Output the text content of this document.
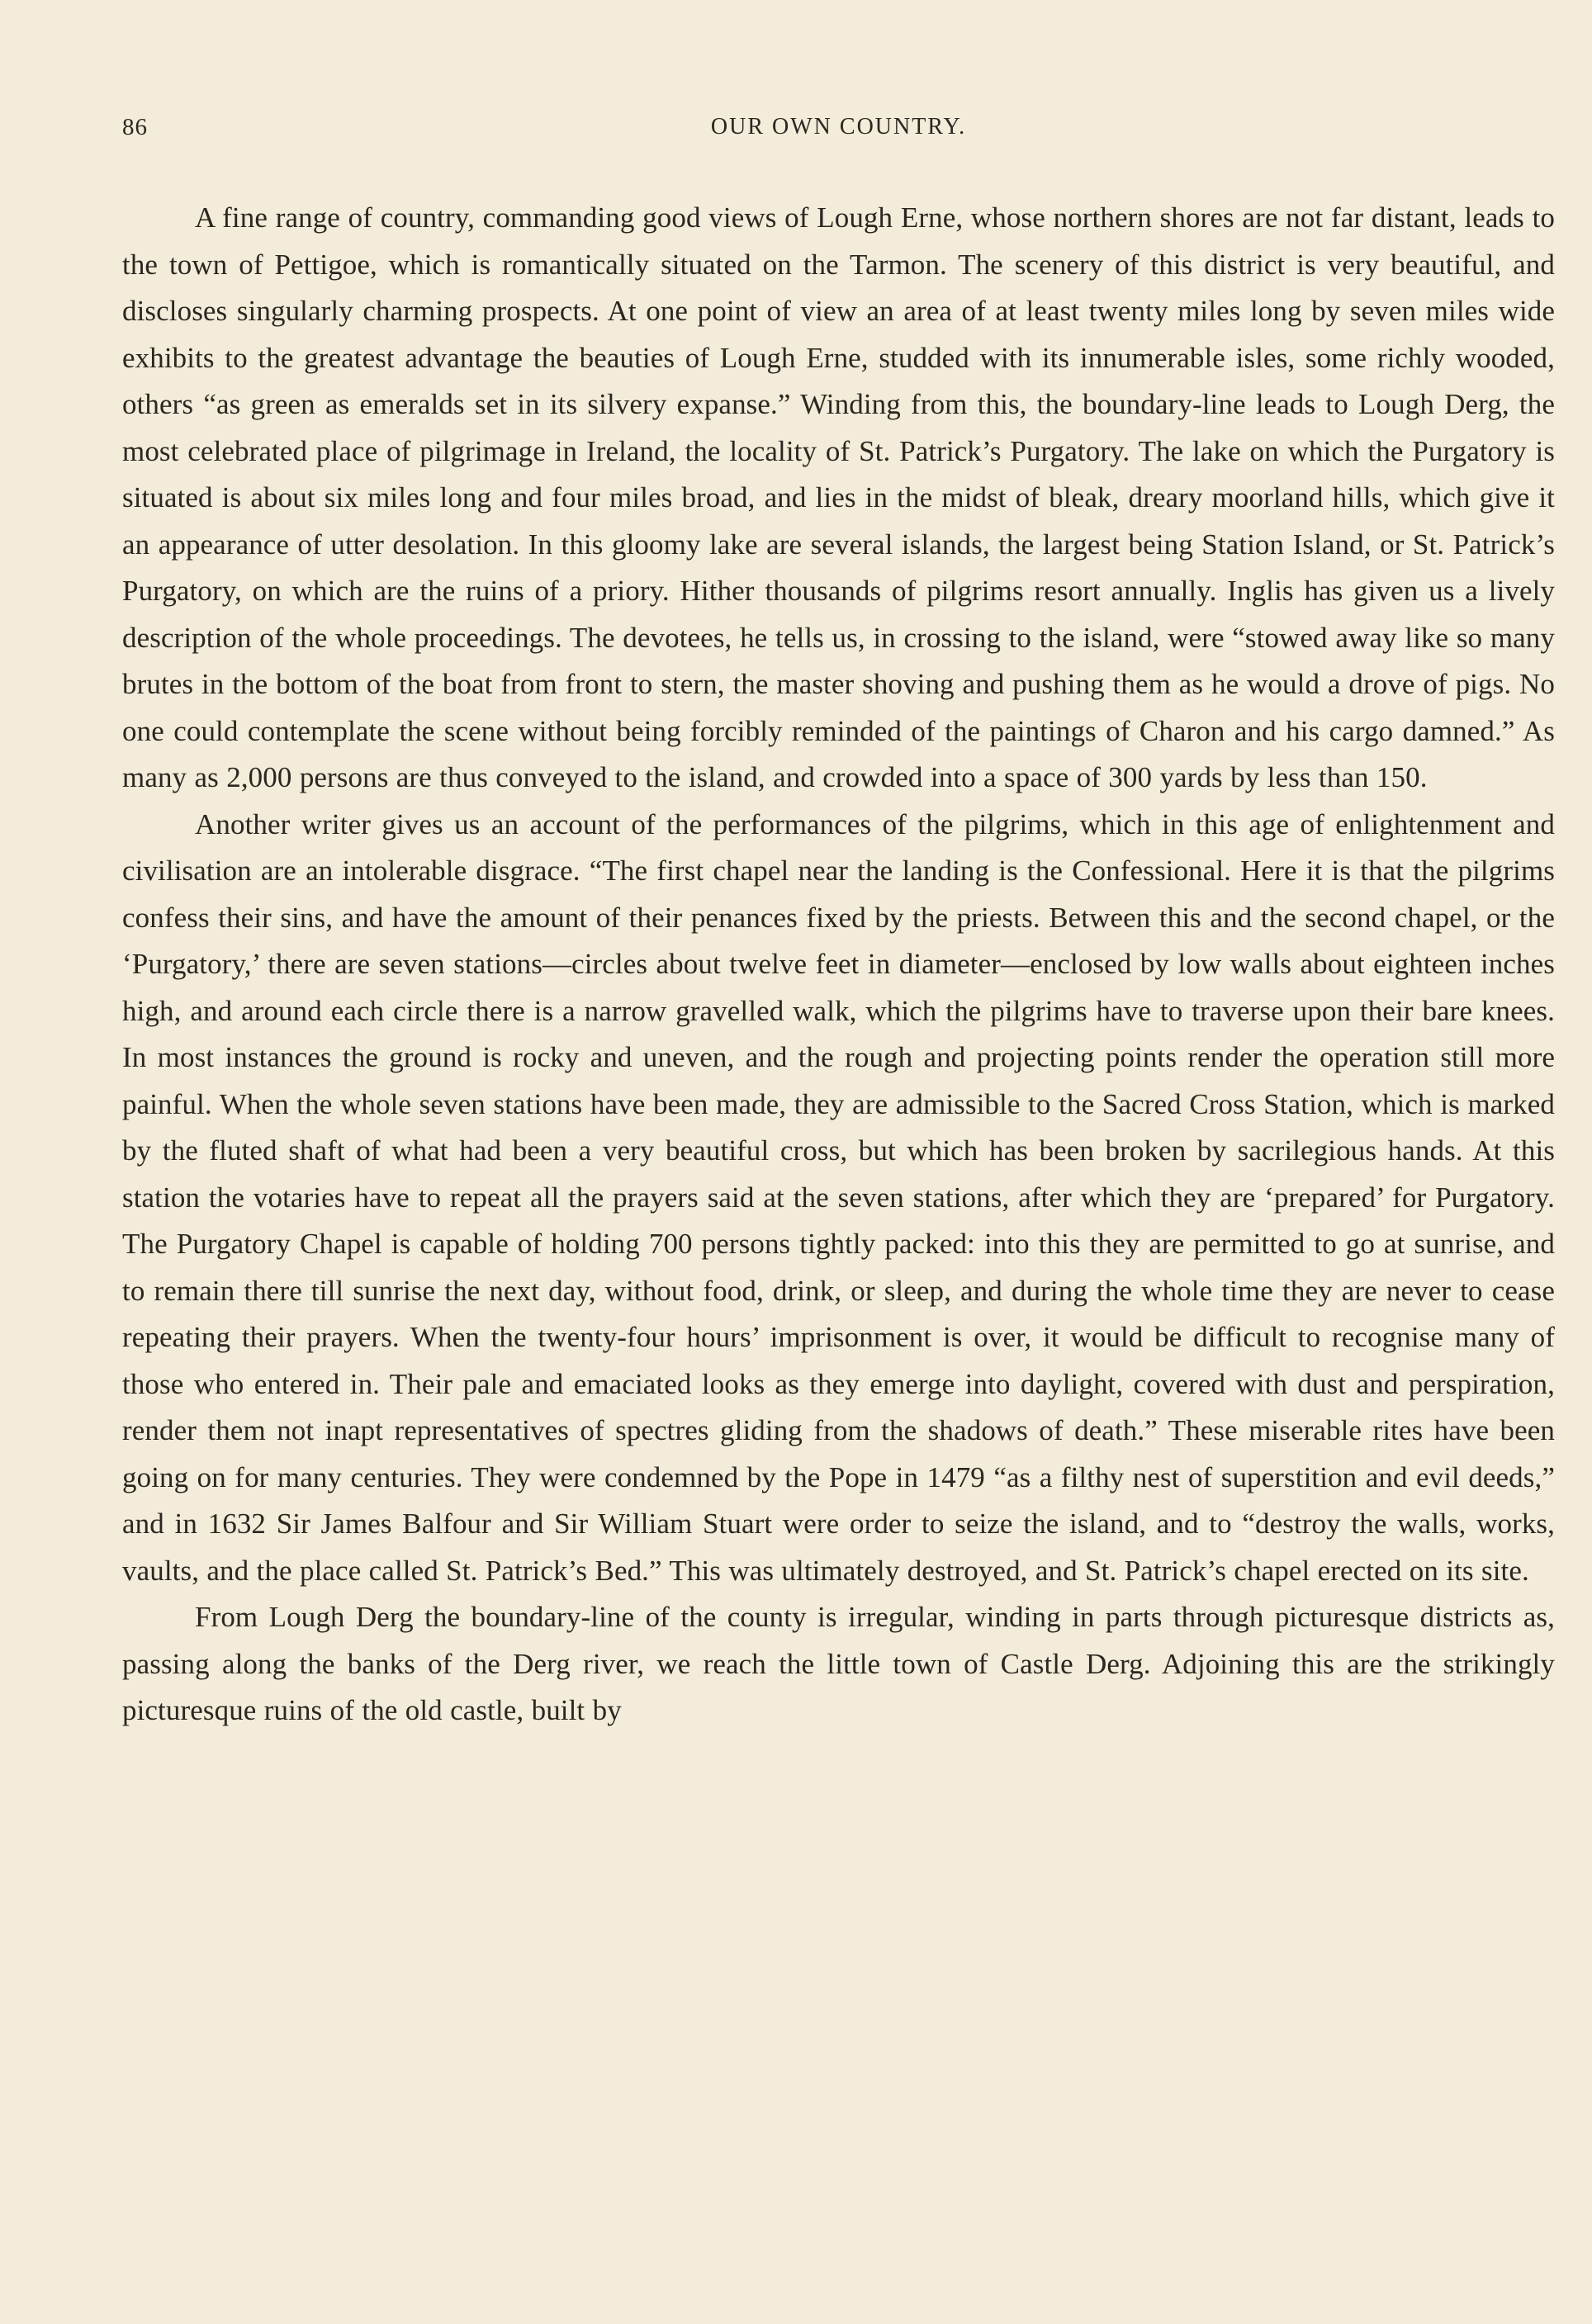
86	OUR OWN COUNTRY.

A fine range of country, commanding good views of Lough Erne, whose northern shores are not far distant, leads to the town of Pettigoe, which is romantically situated on the Tarmon. The scenery of this district is very beautiful, and discloses singularly charming prospects. At one point of view an area of at least twenty miles long by seven miles wide exhibits to the greatest advantage the beauties of Lough Erne, studded with its innumerable isles, some richly wooded, others “as green as emeralds set in its silvery expanse.” Winding from this, the boundary-line leads to Lough Derg, the most celebrated place of pilgrimage in Ireland, the locality of St. Patrick’s Purgatory. The lake on which the Purgatory is situated is about six miles long and four miles broad, and lies in the midst of bleak, dreary moorland hills, which give it an appearance of utter desolation. In this gloomy lake are several islands, the largest being Station Island, or St. Patrick’s Purgatory, on which are the ruins of a priory. Hither thousands of pilgrims resort annually. Inglis has given us a lively description of the whole proceedings. The devotees, he tells us, in crossing to the island, were “stowed away like so many brutes in the bottom of the boat from front to stern, the master shoving and pushing them as he would a drove of pigs. No one could contemplate the scene without being forcibly reminded of the paintings of Charon and his cargo damned.” As many as 2,000 persons are thus conveyed to the island, and crowded into a space of 300 yards by less than 150.

Another writer gives us an account of the performances of the pilgrims, which in this age of enlightenment and civilisation are an intolerable disgrace. “The first chapel near the landing is the Confessional. Here it is that the pilgrims confess their sins, and have the amount of their penances fixed by the priests. Between this and the second chapel, or the ‘Purgatory,’ there are seven stations—circles about twelve feet in diameter—enclosed by low walls about eighteen inches high, and around each circle there is a narrow gravelled walk, which the pilgrims have to traverse upon their bare knees. In most instances the ground is rocky and uneven, and the rough and projecting points render the operation still more painful. When the whole seven stations have been made, they are admissible to the Sacred Cross Station, which is marked by the fluted shaft of what had been a very beautiful cross, but which has been broken by sacrilegious hands. At this station the votaries have to repeat all the prayers said at the seven stations, after which they are ‘prepared’ for Purgatory. The Purgatory Chapel is capable of holding 700 persons tightly packed: into this they are permitted to go at sunrise, and to remain there till sunrise the next day, without food, drink, or sleep, and during the whole time they are never to cease repeating their prayers. When the twenty-four hours’ imprisonment is over, it would be difficult to recognise many of those who entered in. Their pale and emaciated looks as they emerge into daylight, covered with dust and perspiration, render them not inapt representatives of spectres gliding from the shadows of death.” These miserable rites have been going on for many centuries. They were condemned by the Pope in 1479 “as a filthy nest of superstition and evil deeds,” and in 1632 Sir James Balfour and Sir William Stuart were order to seize the island, and to “destroy the walls, works, vaults, and the place called St. Patrick’s Bed.” This was ultimately destroyed, and St. Patrick’s chapel erected on its site.

From Lough Derg the boundary-line of the county is irregular, winding in parts through picturesque districts as, passing along the banks of the Derg river, we reach the little town of Castle Derg. Adjoining this are the strikingly picturesque ruins of the old castle, built by
